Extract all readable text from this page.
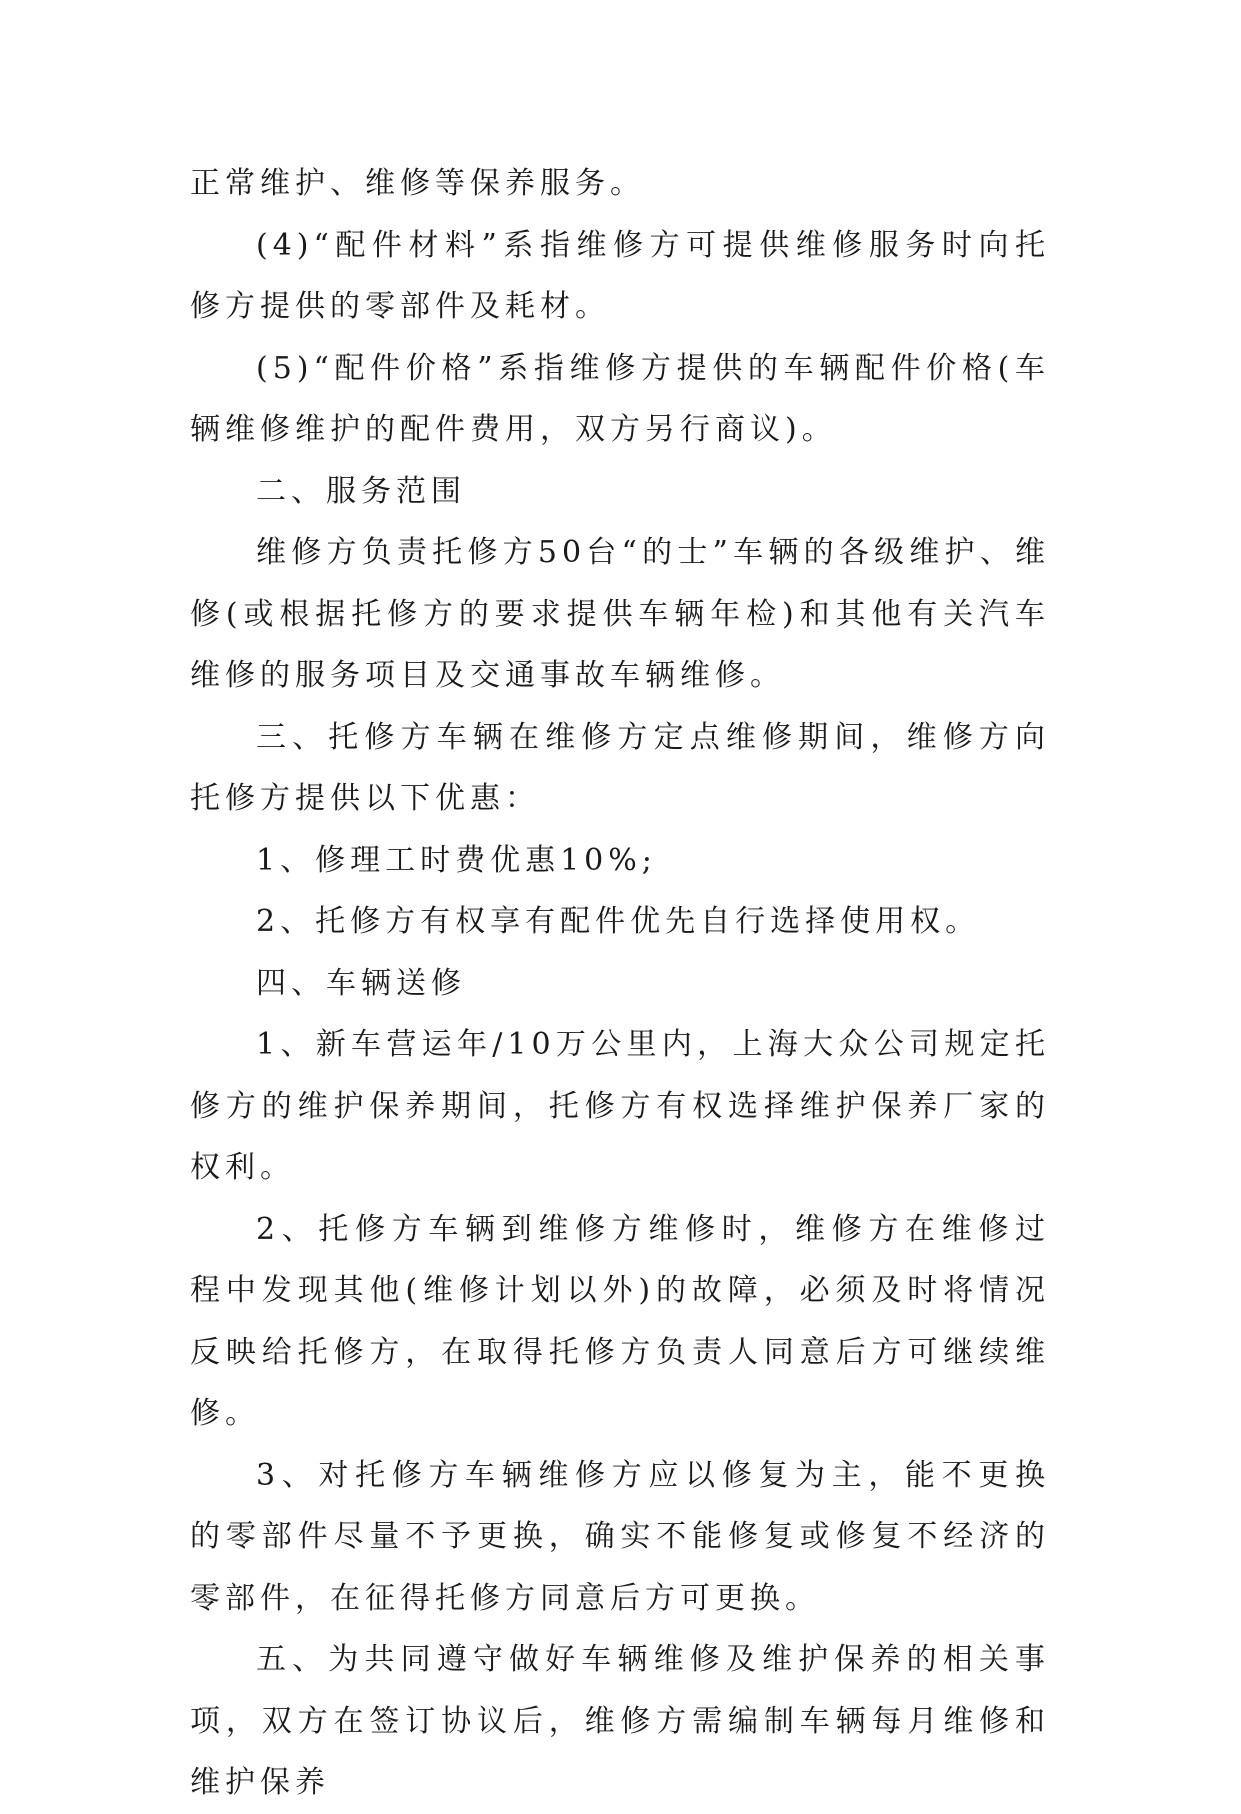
正常维护、维修等保养服务。

(4)“配件材料”系指维修方可提供维修服务时向托修方提供的零部件及耗材。

(5)“配件价格”系指维修方提供的车辆配件价格(车辆维修维护的配件费用，双方另行商议)。

二、服务范围

维修方负责托修方50台“的士”车辆的各级维护、维修(或根据托修方的要求提供车辆年检)和其他有关汽车维修的服务项目及交通事故车辆维修。

三、托修方车辆在维修方定点维修期间，维修方向托修方提供以下优惠：

1、修理工时费优惠10%;

2、托修方有权享有配件优先自行选择使用权。

四、车辆送修

1、新车营运年/10万公里内，上海大众公司规定托修方的维护保养期间，托修方有权选择维护保养厂家的权利。

2、托修方车辆到维修方维修时，维修方在维修过程中发现其他(维修计划以外)的故障，必须及时将情况反映给托修方，在取得托修方负责人同意后方可继续维修。

3、对托修方车辆维修方应以修复为主，能不更换的零部件尽量不予更换，确实不能修复或修复不经济的零部件，在征得托修方同意后方可更换。

五、为共同遵守做好车辆维修及维护保养的相关事项，双方在签订协议后，维修方需编制车辆每月维修和维护保养
